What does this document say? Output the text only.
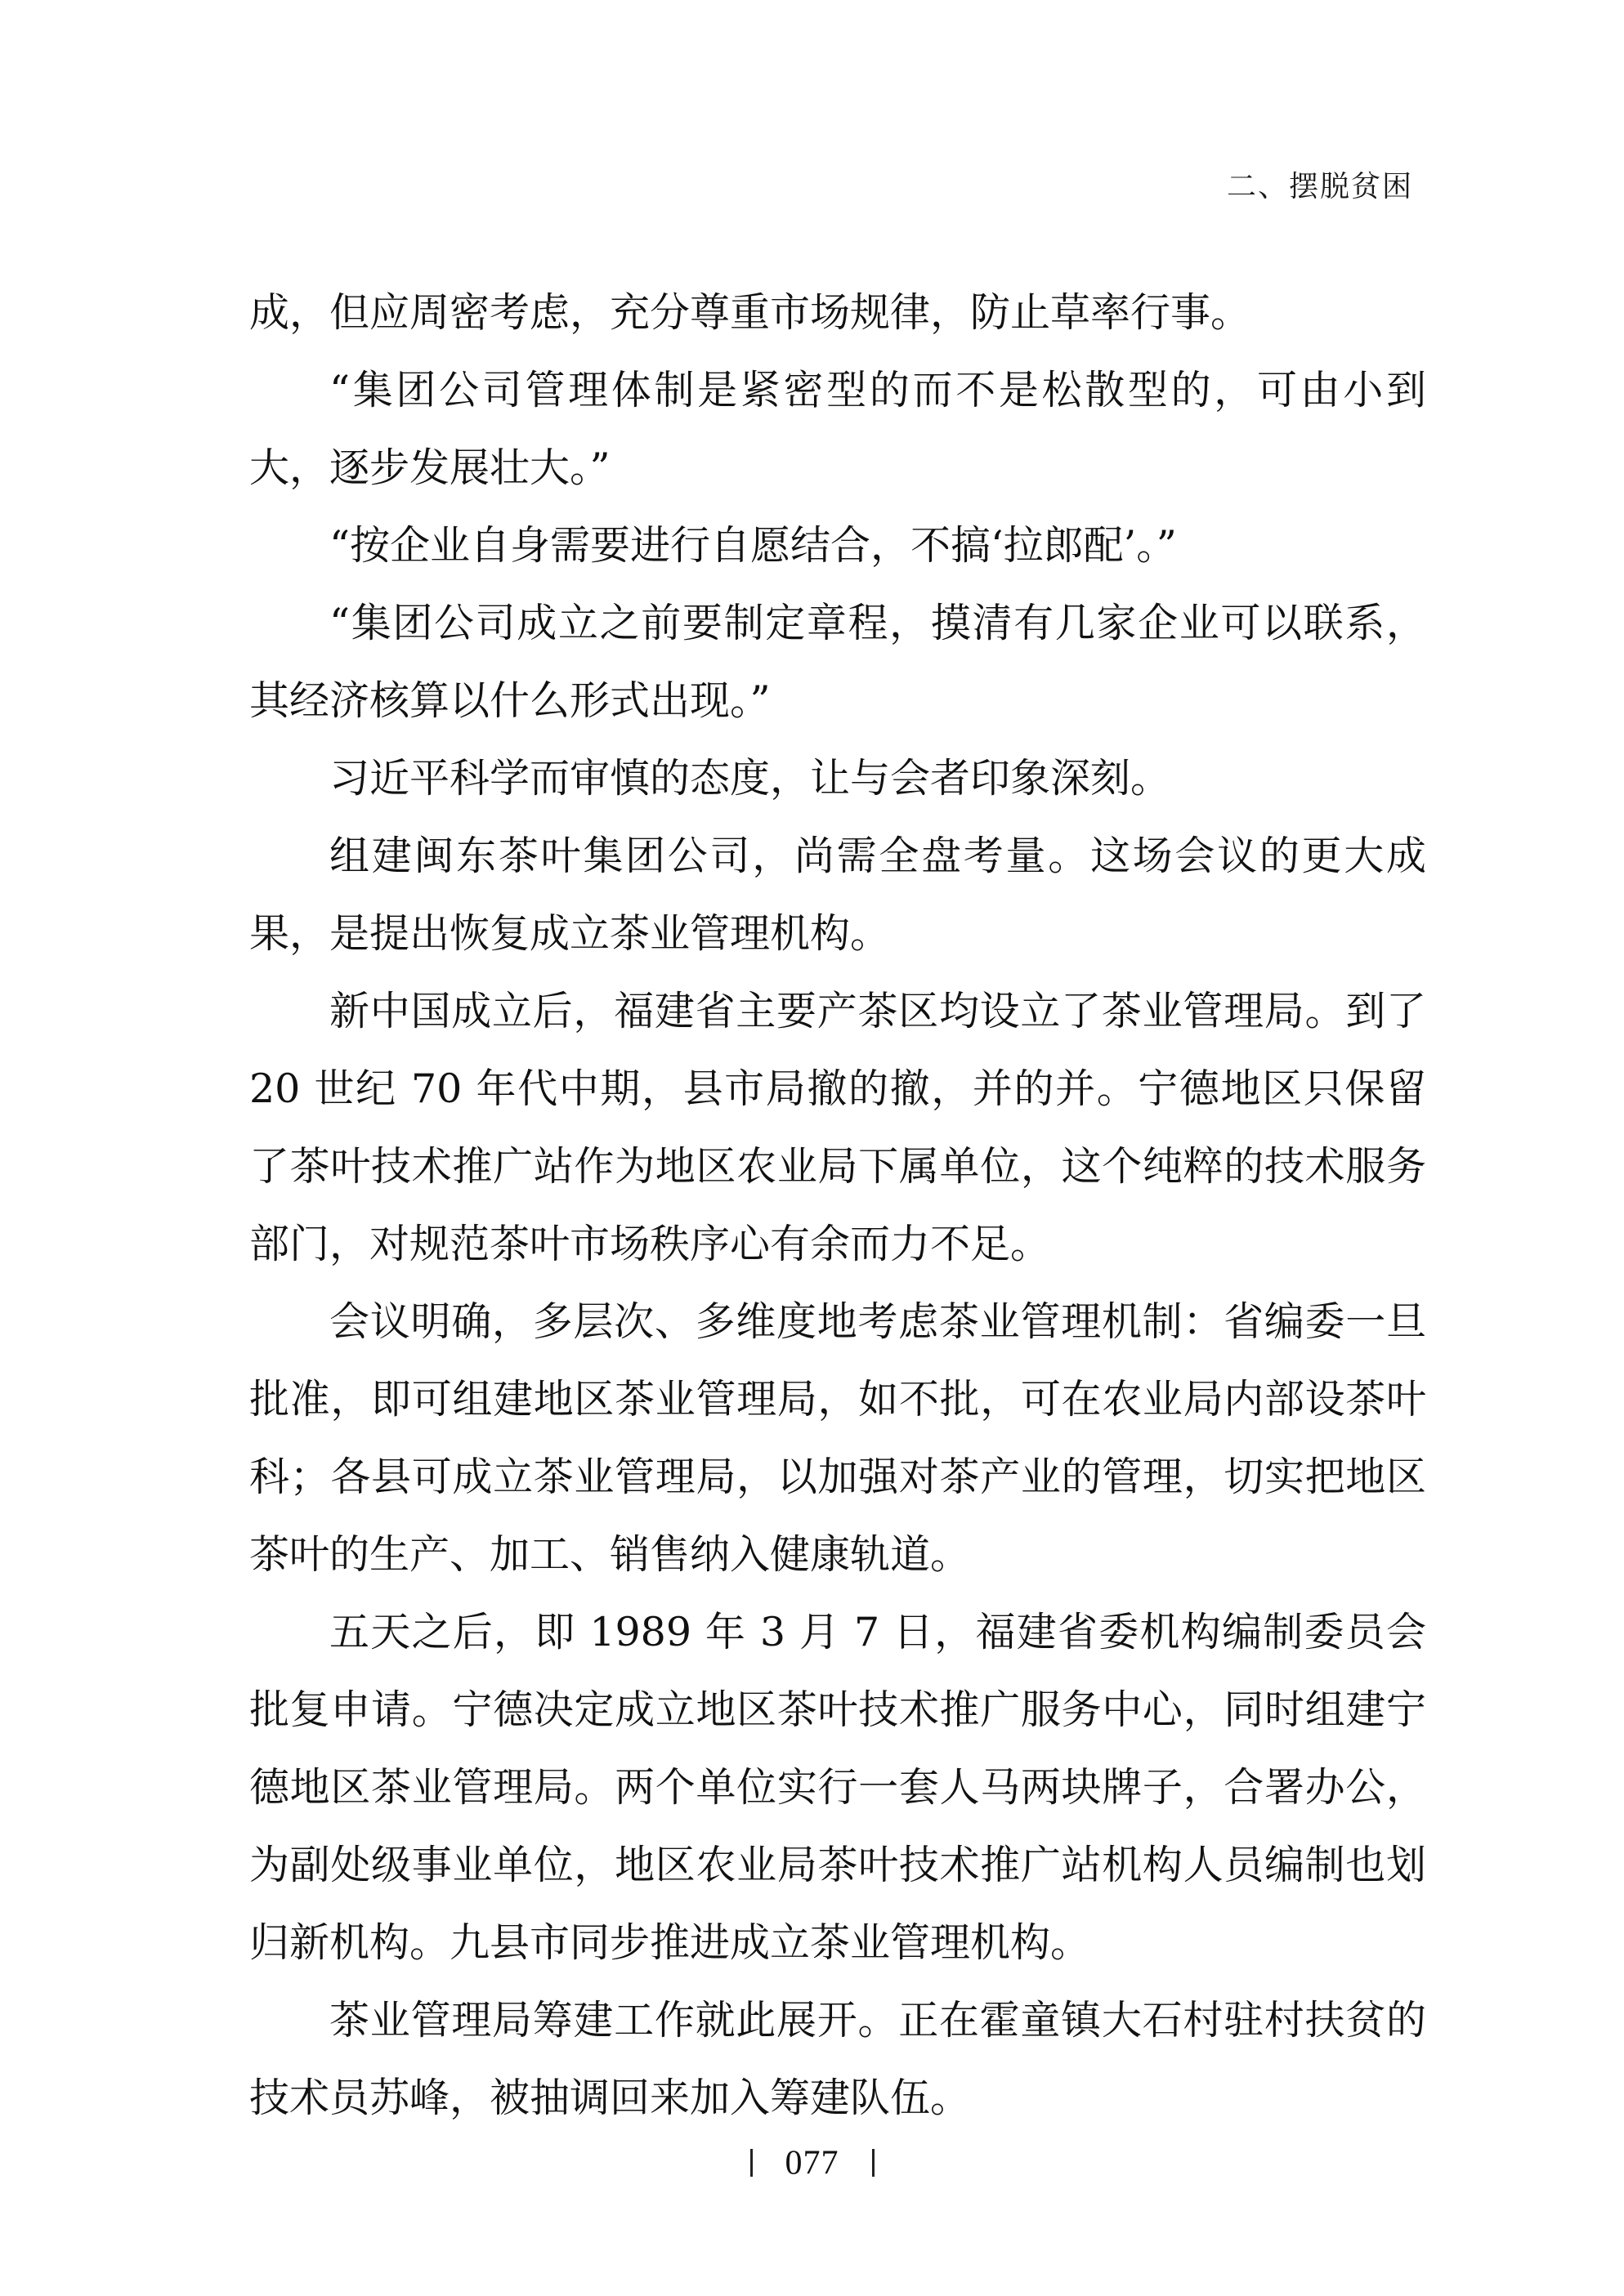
二、摆脱贫困

成，但应周密考虑，充分尊重市场规律，防止草率行事。

“集团公司管理体制是紧密型的而不是松散型的，可由小到大，逐步发展壮大。”

“按企业自身需要进行自愿结合，不搞‘拉郎配’。”

“集团公司成立之前要制定章程，摸清有几家企业可以联系，其经济核算以什么形式出现。”

习近平科学而审慎的态度，让与会者印象深刻。

组建闽东茶叶集团公司，尚需全盘考量。这场会议的更大成果，是提出恢复成立茶业管理机构。

新中国成立后，福建省主要产茶区均设立了茶业管理局。到了 20 世纪 70 年代中期，县市局撤的撤，并的并。宁德地区只保留了茶叶技术推广站作为地区农业局下属单位，这个纯粹的技术服务部门，对规范茶叶市场秩序心有余而力不足。

会议明确，多层次、多维度地考虑茶业管理机制：省编委一旦批准，即可组建地区茶业管理局，如不批，可在农业局内部设茶叶科；各县可成立茶业管理局，以加强对茶产业的管理，切实把地区茶叶的生产、加工、销售纳入健康轨道。

五天之后，即 1989 年 3 月 7 日，福建省委机构编制委员会批复申请。宁德决定成立地区茶叶技术推广服务中心，同时组建宁德地区茶业管理局。两个单位实行一套人马两块牌子，合署办公，为副处级事业单位，地区农业局茶叶技术推广站机构人员编制也划归新机构。九县市同步推进成立茶业管理机构。

茶业管理局筹建工作就此展开。正在霍童镇大石村驻村扶贫的技术员苏峰，被抽调回来加入筹建队伍。

077
